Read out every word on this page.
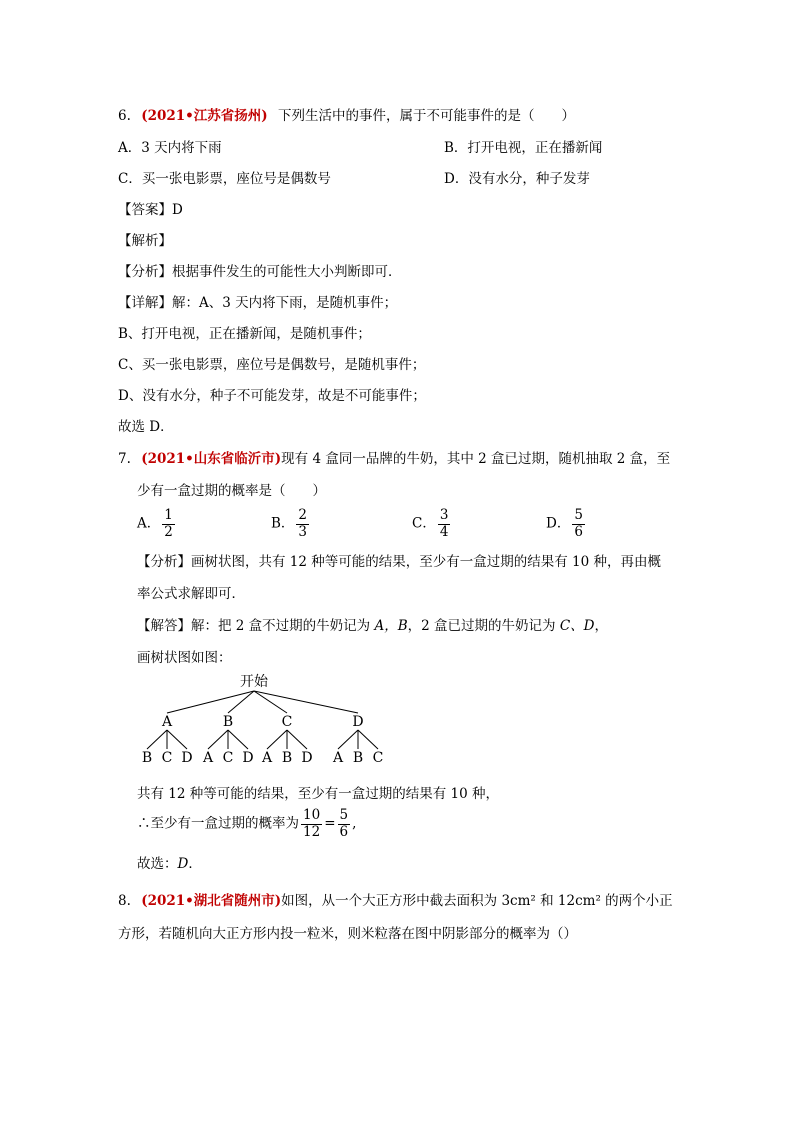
6. (2021•江苏省扬州) 下列生活中的事件，属于不可能事件的是（　　）
A．3 天内将下雨	B．打开电视，正在播新闻
C．买一张电影票，座位号是偶数号	D．没有水分，种子发芽
【答案】D
【解析】
【分析】根据事件发生的可能性大小判断即可．
【详解】解：A、3 天内将下雨，是随机事件；
B、打开电视，正在播新闻，是随机事件；
C、买一张电影票，座位号是偶数号，是随机事件；
D、没有水分，种子不可能发芽，故是不可能事件；
故选 D．
7. (2021•山东省临沂市)现有 4 盒同一品牌的牛奶，其中 2 盒已过期，随机抽取 2 盒，至
少有一盒过期的概率是（　　）
A． $\frac{1}{2}$	B． $\frac{2}{3}$	C． $\frac{3}{4}$	D． $\frac{5}{6}$
【分析】画树状图，共有 12 种等可能的结果，至少有一盒过期的结果有 10 种，再由概
率公式求解即可．
【解答】解：把 2 盒不过期的牛奶记为 A，B，2 盒已过期的牛奶记为 C、D，
画树状图如图：
开始
A
B C D
B
A C D
C
A B D
D
A B C
共有 12 种等可能的结果，至少有一盒过期的结果有 10 种，
∴至少有一盒过期的概率为 $\frac{10}{12} = \frac{5}{6}$ ,
故选：D．
8. (2021•湖北省随州市)如图，从一个大正方形中截去面积为 3cm² 和 12cm² 的两个小正
方形，若随机向大正方形内投一粒米，则米粒落在图中阴影部分的概率为（）
